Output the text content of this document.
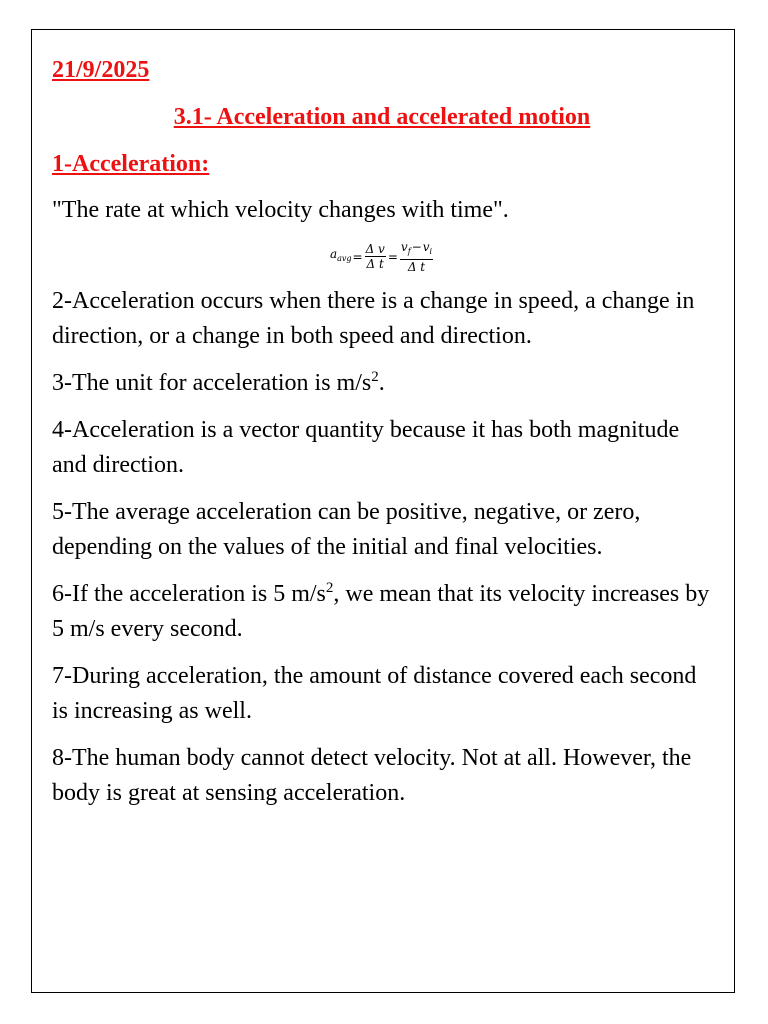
21/9/2025

3.1- Acceleration and accelerated motion

1-Acceleration:

"The rate at which velocity changes with time".

$a_{avg} = \frac{\text{Δ v}}{\text{Δ t}} = \frac{v_f-v_i}{\text{Δ t}}$

2-Acceleration occurs when there is a change in speed, a change in direction, or a change in both speed and direction.

3-The unit for acceleration is $m/s^2$.

4-Acceleration is a vector quantity because it has both magnitude and direction.

5-The average acceleration can be positive, negative, or zero, depending on the values of the initial and final velocities.

6-If the acceleration is 5 $m/s^2$, we mean that its velocity increases by 5 m/s every second.

7-During acceleration, the amount of distance covered each second is increasing as well.

8-The human body cannot detect velocity. Not at all. However, the body is great at sensing acceleration.
